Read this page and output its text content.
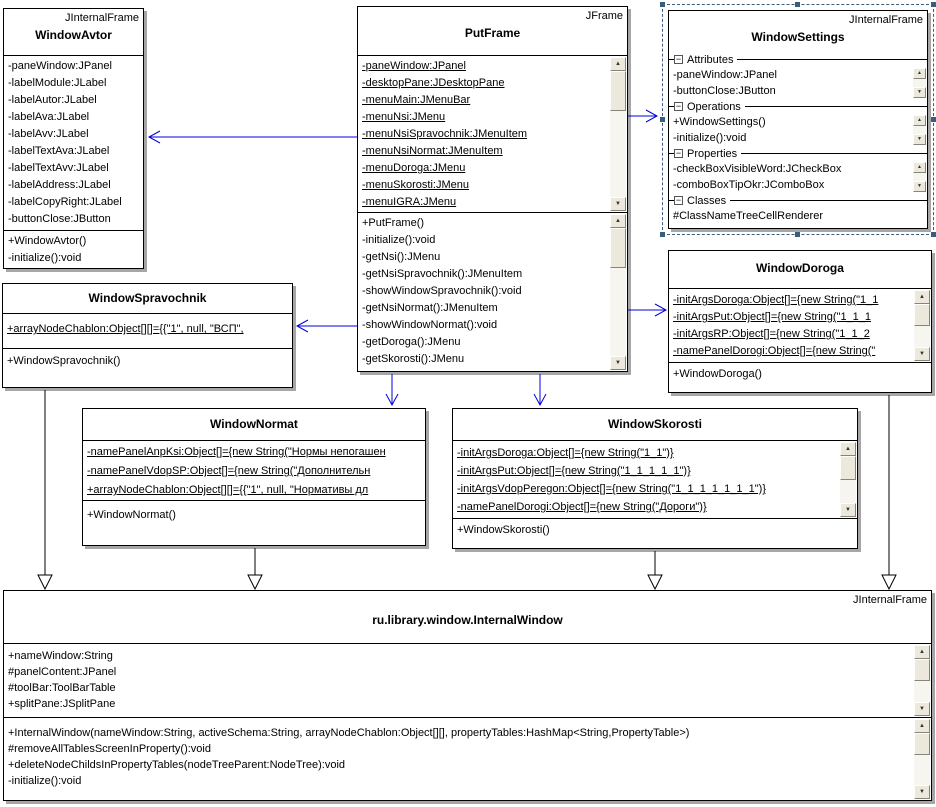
JInternalFrame
WindowAvtor
-paneWindow:JPanel
-labelModule:JLabel
-labelAutor:JLabel
-labelAva:JLabel
-labelAvv:JLabel
-labelTextAva:JLabel
-labelTextAvv:JLabel
-labelAddress:JLabel
-labelCopyRight:JLabel
-buttonClose:JButton
+WindowAvtor()
-initialize():void
JFrame
PutFrame
-paneWindow:JPanel
-desktopPane:JDesktopPane
-menuMain:JMenuBar
-menuNsi:JMenu
-menuNsiSpravochnik:JMenuItem
-menuNsiNormat:JMenuItem
-menuDoroga:JMenu
-menuSkorosti:JMenu
-menuIGRA:JMenu
▲
▼
+PutFrame()
-initialize():void
-getNsi():JMenu
-getNsiSpravochnik():JMenuItem
-showWindowSpravochnik():void
-getNsiNormat():JMenuItem
-showWindowNormat():void
-getDoroga():JMenu
-getSkorosti():JMenu
▲
▼
JInternalFrame
WindowSettings
− Attributes
-paneWindow:JPanel
-buttonClose:JButton
▲
▼
− Operations
+WindowSettings()
-initialize():void
▲
▼
− Properties
-checkBoxVisibleWord:JCheckBox
-comboBoxTipOkr:JComboBox
▲
▼
− Classes
#ClassNameTreeCellRenderer
WindowSpravochnik
+arrayNodeChablon:Object[][]={{"1", null, "ВСП",
+WindowSpravochnik()
WindowDoroga
-initArgsDoroga:Object[]={new String("1_1
-initArgsPut:Object[]={new String("1_1_1
-initArgsRP:Object[]={new String("1_1_2
-namePanelDorogi:Object[]={new String("
▲
▼
+WindowDoroga()
WindowNormat
-namePanelAnpKsi:Object[]={new String("Нормы непогашен
-namePanelVdopSP:Object[]={new String("Дополнительн
+arrayNodeChablon:Object[][]={{"1", null, "Нормативы дл
+WindowNormat()
WindowSkorosti
-initArgsDoroga:Object[]={new String("1_1")}
-initArgsPut:Object[]={new String("1_1_1_1_1")}
-initArgsVdopPeregon:Object[]={new String("1_1_1_1_1_1_1")}
-namePanelDorogi:Object[]={new String("Дороги")}
▲
▼
+WindowSkorosti()
JInternalFrame
ru.library.window.InternalWindow
+nameWindow:String
#panelContent:JPanel
#toolBar:ToolBarTable
+splitPane:JSplitPane
▲
▼
+InternalWindow(nameWindow:String, activeSchema:String, arrayNodeChablon:Object[][], propertyTables:HashMap<String,PropertyTable>)
#removeAllTablesScreenInProperty():void
+deleteNodeChildsInPropertyTables(nodeTreeParent:NodeTree):void
-initialize():void
▲
▼
